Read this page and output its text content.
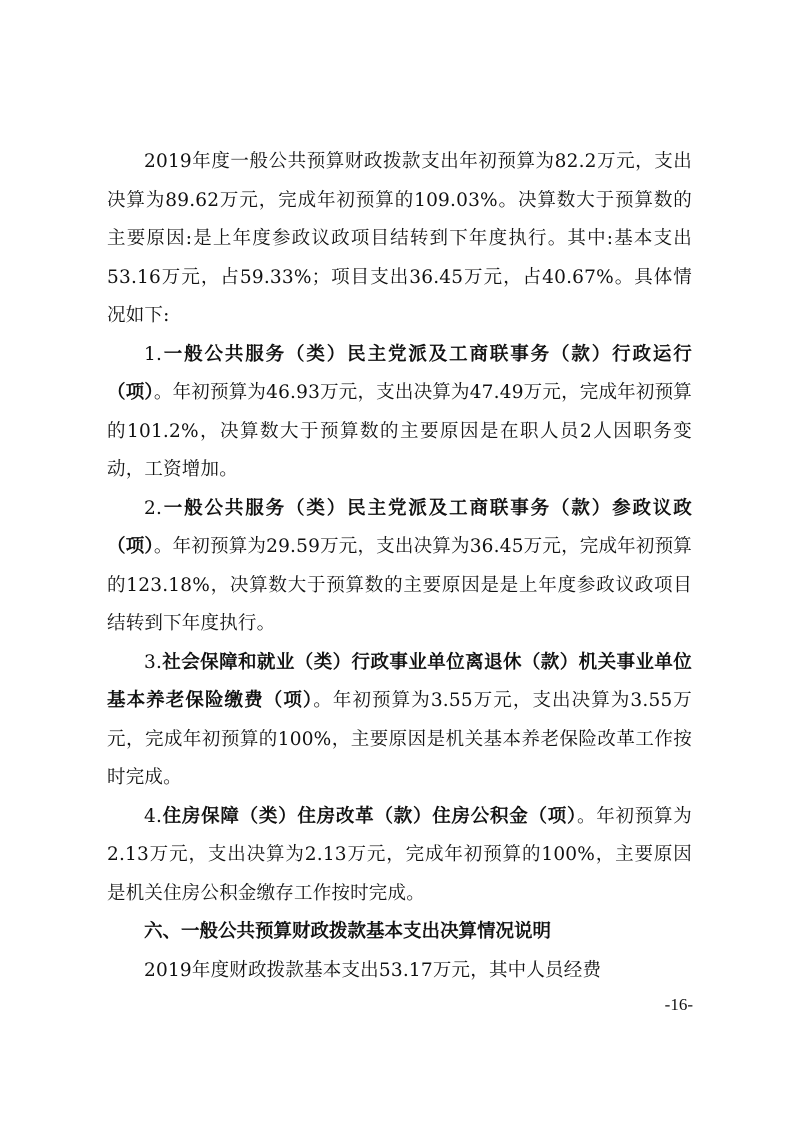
2019年度一般公共预算财政拨款支出年初预算为82.2万元，支出决算为89.62万元，完成年初预算的109.03%。决算数大于预算数的主要原因:是上年度参政议政项目结转到下年度执行。其中:基本支出53.16万元，占59.33%；项目支出36.45万元，占40.67%。具体情况如下:

1.一般公共服务（类）民主党派及工商联事务（款）行政运行（项）。年初预算为46.93万元，支出决算为47.49万元，完成年初预算的101.2%，决算数大于预算数的主要原因是在职人员2人因职务变动，工资增加。

2.一般公共服务（类）民主党派及工商联事务（款）参政议政（项）。年初预算为29.59万元，支出决算为36.45万元，完成年初预算的123.18%，决算数大于预算数的主要原因是是上年度参政议政项目结转到下年度执行。

3.社会保障和就业（类）行政事业单位离退休（款）机关事业单位基本养老保险缴费（项）。年初预算为3.55万元，支出决算为3.55万元，完成年初预算的100%，主要原因是机关基本养老保险改革工作按时完成。

4.住房保障（类）住房改革（款）住房公积金（项）。年初预算为2.13万元，支出决算为2.13万元，完成年初预算的100%，主要原因是机关住房公积金缴存工作按时完成。

六、一般公共预算财政拨款基本支出决算情况说明

2019年度财政拨款基本支出53.17万元，其中人员经费

-16-
